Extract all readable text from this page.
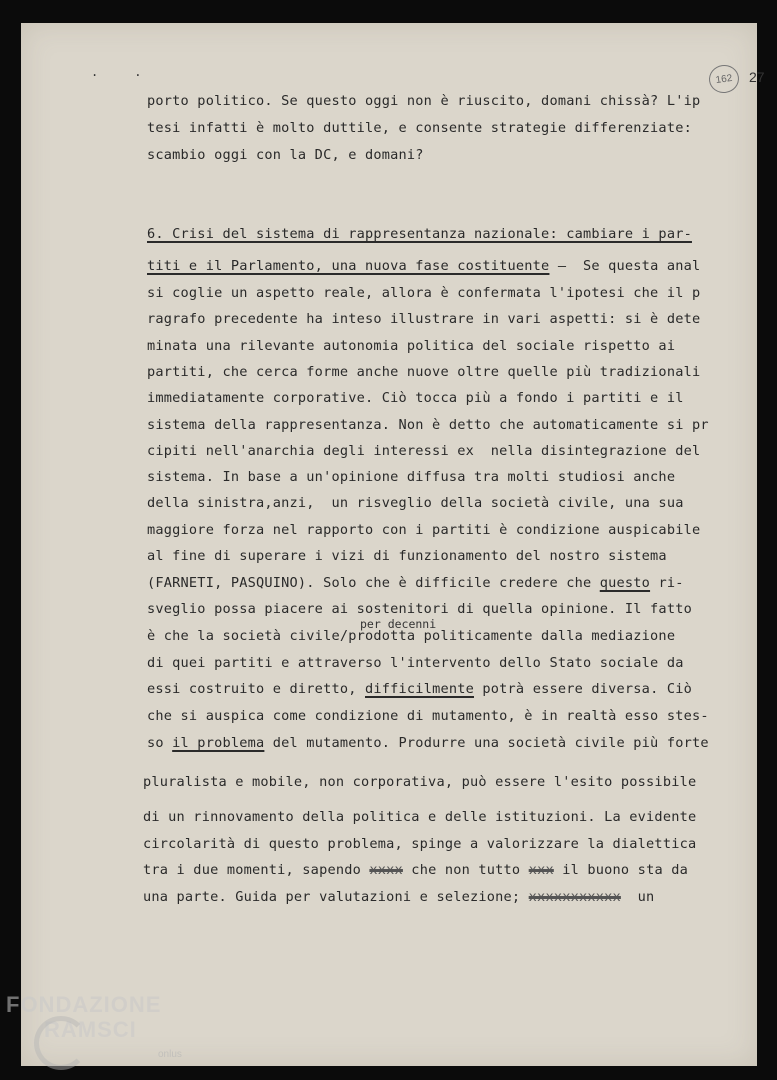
..	162	27
porto politico. Se questo oggi non è riuscito, domani chissà? L'ip
tesi infatti è molto duttile, e consente strategie differenziate:
scambio oggi con la DC, e domani?
6. Crisi del sistema di rappresentanza nazionale: cambiare i par-
titi e il Parlamento, una nuova fase costituente –  Se questa anal
si coglie un aspetto reale, allora è confermata l'ipotesi che il p
ragrafo precedente ha inteso illustrare in vari aspetti: si è dete
minata una rilevante autonomia politica del sociale rispetto ai
partiti, che cerca forme anche nuove oltre quelle più tradizionali
immediatamente corporative. Ciò tocca più a fondo i partiti e il
sistema della rappresentanza. Non è detto che automaticamente si pr
cipiti nell'anarchia degli interessi ex  nella disintegrazione del
sistema. In base a un'opinione diffusa tra molti studiosi anche
della sinistra,anzi,  un risveglio della società civile, una sua
maggiore forza nel rapporto con i partiti è condizione auspicabile
al fine di superare i vizi di funzionamento del nostro sistema
(FARNETI, PASQUINO). Solo che è difficile credere che questo ri-
sveglio possa piacere ai sostenitori di quella opinione. Il fatto
per decenni
è che la società civile/prodotta politicamente dalla mediazione
di quei partiti e attraverso l'intervento dello Stato sociale da
essi costruito e diretto, difficilmente potrà essere diversa. Ciò
che si auspica come condizione di mutamento, è in realtà esso stes-
so il problema del mutamento. Produrre una società civile più forte
pluralista e mobile, non corporativa, può essere l'esito possibile
di un rinnovamento della politica e delle istituzioni. La evidente
circolarità di questo problema, spinge a valorizzare la dialettica
tra i due momenti, sapendo xxxx che non tutto xxx il buono sta da
una parte. Guida per valutazioni e selezione; xxxxxxxxxxx  un
FONDAZIONE
RAMSCI
onlus
